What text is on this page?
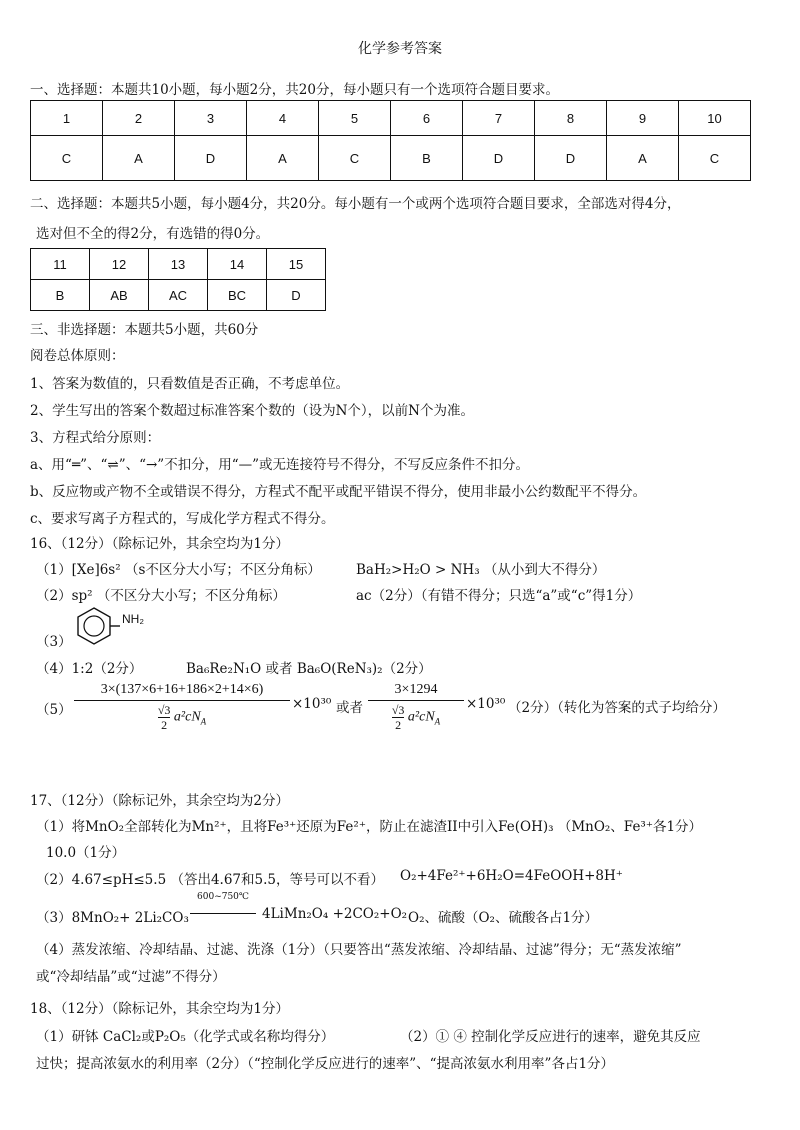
化学参考答案
一、选择题：本题共10小题，每小题2分，共20分，每小题只有一个选项符合题目要求。
1	2	3	4	5	6	7	8	9	10
C	A	D	A	C	B	D	D	A	C
二、选择题：本题共5小题，每小题4分，共20分。每小题有一个或两个选项符合题目要求，全部选对得4分，
选对但不全的得2分，有选错的得0分。
11	12	13	14	15
B	AB	AC	BC	D
三、非选择题：本题共5小题，共60分
阅卷总体原则：
1、答案为数值的，只看数值是否正确，不考虑单位。
2、学生写出的答案个数超过标准答案个数的（设为N个），以前N个为准。
3、方程式给分原则：
a、用“═”、“⇌”、“→”不扣分，用“—”或无连接符号不得分，不写反应条件不扣分。
b、反应物或产物不全或错误不得分，方程式不配平或配平错误不得分，使用非最小公约数配平不得分。
c、要求写离子方程式的，写成化学方程式不得分。
16、（12分）（除标记外，其余空均为1分）
（1）[Xe]6s² （s不区分大小写；不区分角标）	BaH₂>H₂O > NH₃ （从小到大不得分）
（2）sp² （不区分大小写；不区分角标）	ac（2分）（有错不得分；只选“a”或“c”得1分）
（3）
NH₂
（4）1:2（2分）	Ba₆Re₂N₁O 或者 Ba₆O(ReN₃)₂（2分）
（5）
3×(137×6+16+186×2+14×6)
$\frac{√3}{2} a^2cN_A$
×10³⁰ 或者
3×1294
$\frac{√3}{2} a^2cN_A$
×10³⁰ （2分）（转化为答案的式子均给分）
17、（12分）（除标记外，其余空均为2分）
（1）将MnO₂全部转化为Mn²⁺，且将Fe³⁺还原为Fe²⁺，防止在滤渣II中引入Fe(OH)₃ （MnO₂、Fe³⁺各1分）
10.0（1分）
（2）4.67≤pH≤5.5 （答出4.67和5.5，等号可以不看） O₂+4Fe²⁺+6H₂O=4FeOOH+8H⁺
（3）8MnO₂+ 2Li₂CO₃
600~750℃
4LiMn₂O₄ +2CO₂+O₂ O₂、硫酸（O₂、硫酸各占1分）
（4）蒸发浓缩、冷却结晶、过滤、洗涤（1分）（只要答出“蒸发浓缩、冷却结晶、过滤”得分；无“蒸发浓缩”
或“冷却结晶”或“过滤”不得分）
18、（12分）（除标记外，其余空均为1分）
（1）研钵 CaCl₂或P₂O₅（化学式或名称均得分）	（2）① ④ 控制化学反应进行的速率，避免其反应
过快；提高浓氨水的利用率（2分）（“控制化学反应进行的速率”、“提高浓氨水利用率”各占1分）
